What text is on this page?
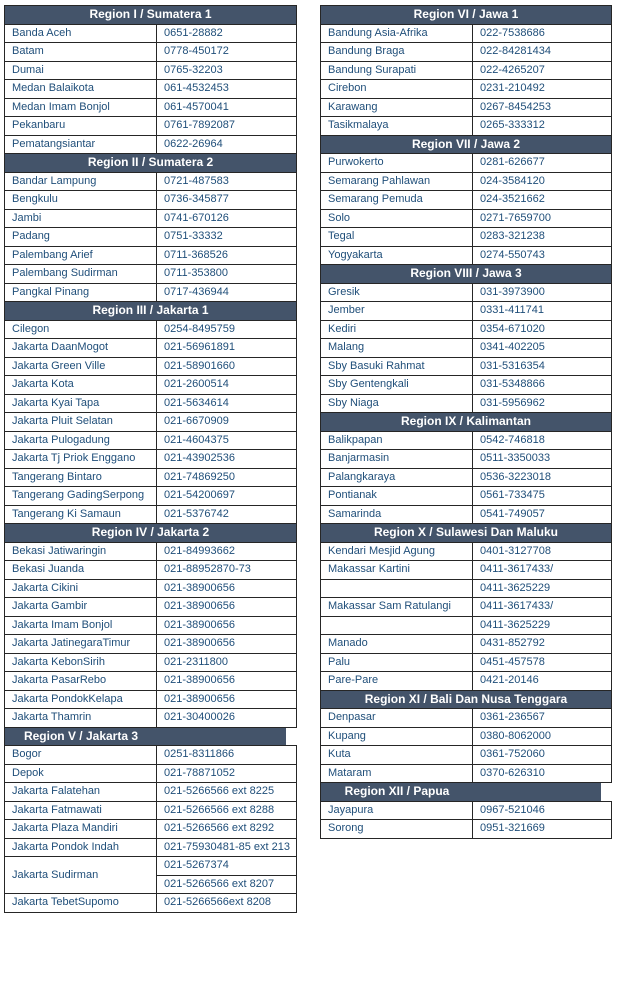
Region I / Sumatera 1	

Banda Aceh	0651-28882

Batam	0778-450172

Dumai	0765-32203

Medan Balaikota	061-4532453

Medan Imam Bonjol	061-4570041

Pekanbaru	0761-7892087

Pematangsiantar	0622-26964

Region II / Sumatera 2	

Bandar Lampung	0721-487583

Bengkulu	0736-345877

Jambi	0741-670126

Padang	0751-33332

Palembang Arief	0711-368526

Palembang Sudirman	0711-353800

Pangkal Pinang	0717-436944

Region III / Jakarta 1	

Cilegon	0254-8495759

Jakarta DaanMogot	021-56961891

Jakarta Green Ville	021-58901660

Jakarta Kota	021-2600514

Jakarta Kyai Tapa	021-5634614

Jakarta Pluit Selatan	021-6670909

Jakarta Pulogadung	021-4604375

Jakarta Tj Priok Enggano	021-43902536

Tangerang Bintaro	021-74869250

Tangerang GadingSerpong	021-54200697

Tangerang Ki Samaun	021-5376742

Region IV / Jakarta 2	

Bekasi Jatiwaringin	021-84993662

Bekasi Juanda	021-88952870-73

Jakarta Cikini	021-38900656

Jakarta Gambir	021-38900656

Jakarta Imam Bonjol	021-38900656

Jakarta JatinegaraTimur	021-38900656

Jakarta KebonSirih	021-2311800

Jakarta PasarRebo	021-38900656

Jakarta PondokKelapa	021-38900656

Jakarta Thamrin	021-30400026

Region V / Jakarta 3	

Bogor	0251-8311866

Depok	021-78871052

Jakarta Falatehan	021-5266566 ext 8225

Jakarta Fatmawati	021-5266566 ext 8288

Jakarta Plaza Mandiri	021-5266566 ext 8292

Jakarta Pondok Indah	021-75930481-85 ext 213

Jakarta Sudirman	021-5267374

	021-5266566 ext 8207

Jakarta TebetSupomo	021-5266566ext 8208
Region VI / Jawa 1	

Bandung Asia-Afrika	022-7538686

Bandung Braga	022-84281434

Bandung Surapati	022-4265207

Cirebon	0231-210492

Karawang	0267-8454253

Tasikmalaya	0265-333312

Region VII / Jawa 2	

Purwokerto	0281-626677

Semarang Pahlawan	024-3584120

Semarang Pemuda	024-3521662

Solo	0271-7659700

Tegal	0283-321238

Yogyakarta	0274-550743

Region VIII / Jawa 3	

Gresik	031-3973900

Jember	0331-411741

Kediri	0354-671020

Malang	0341-402205

Sby Basuki Rahmat	031-5316354

Sby Gentengkali	031-5348866

Sby Niaga	031-5956962

Region IX / Kalimantan	

Balikpapan	0542-746818

Banjarmasin	0511-3350033

Palangkaraya	0536-3223018

Pontianak	0561-733475

Samarinda	0541-749057

Region X / Sulawesi Dan Maluku	

Kendari Mesjid Agung	0401-3127708

Makassar Kartini	0411-3617433/

	0411-3625229

Makassar Sam Ratulangi	0411-3617433/

	0411-3625229

Manado	0431-852792

Palu	0451-457578

Pare-Pare	0421-20146

Region XI / Bali Dan Nusa Tenggara	

Denpasar	0361-236567

Kupang	0380-8062000

Kuta	0361-752060

Mataram	0370-626310

Region XII / Papua	

Jayapura	0967-521046

Sorong	0951-321669
